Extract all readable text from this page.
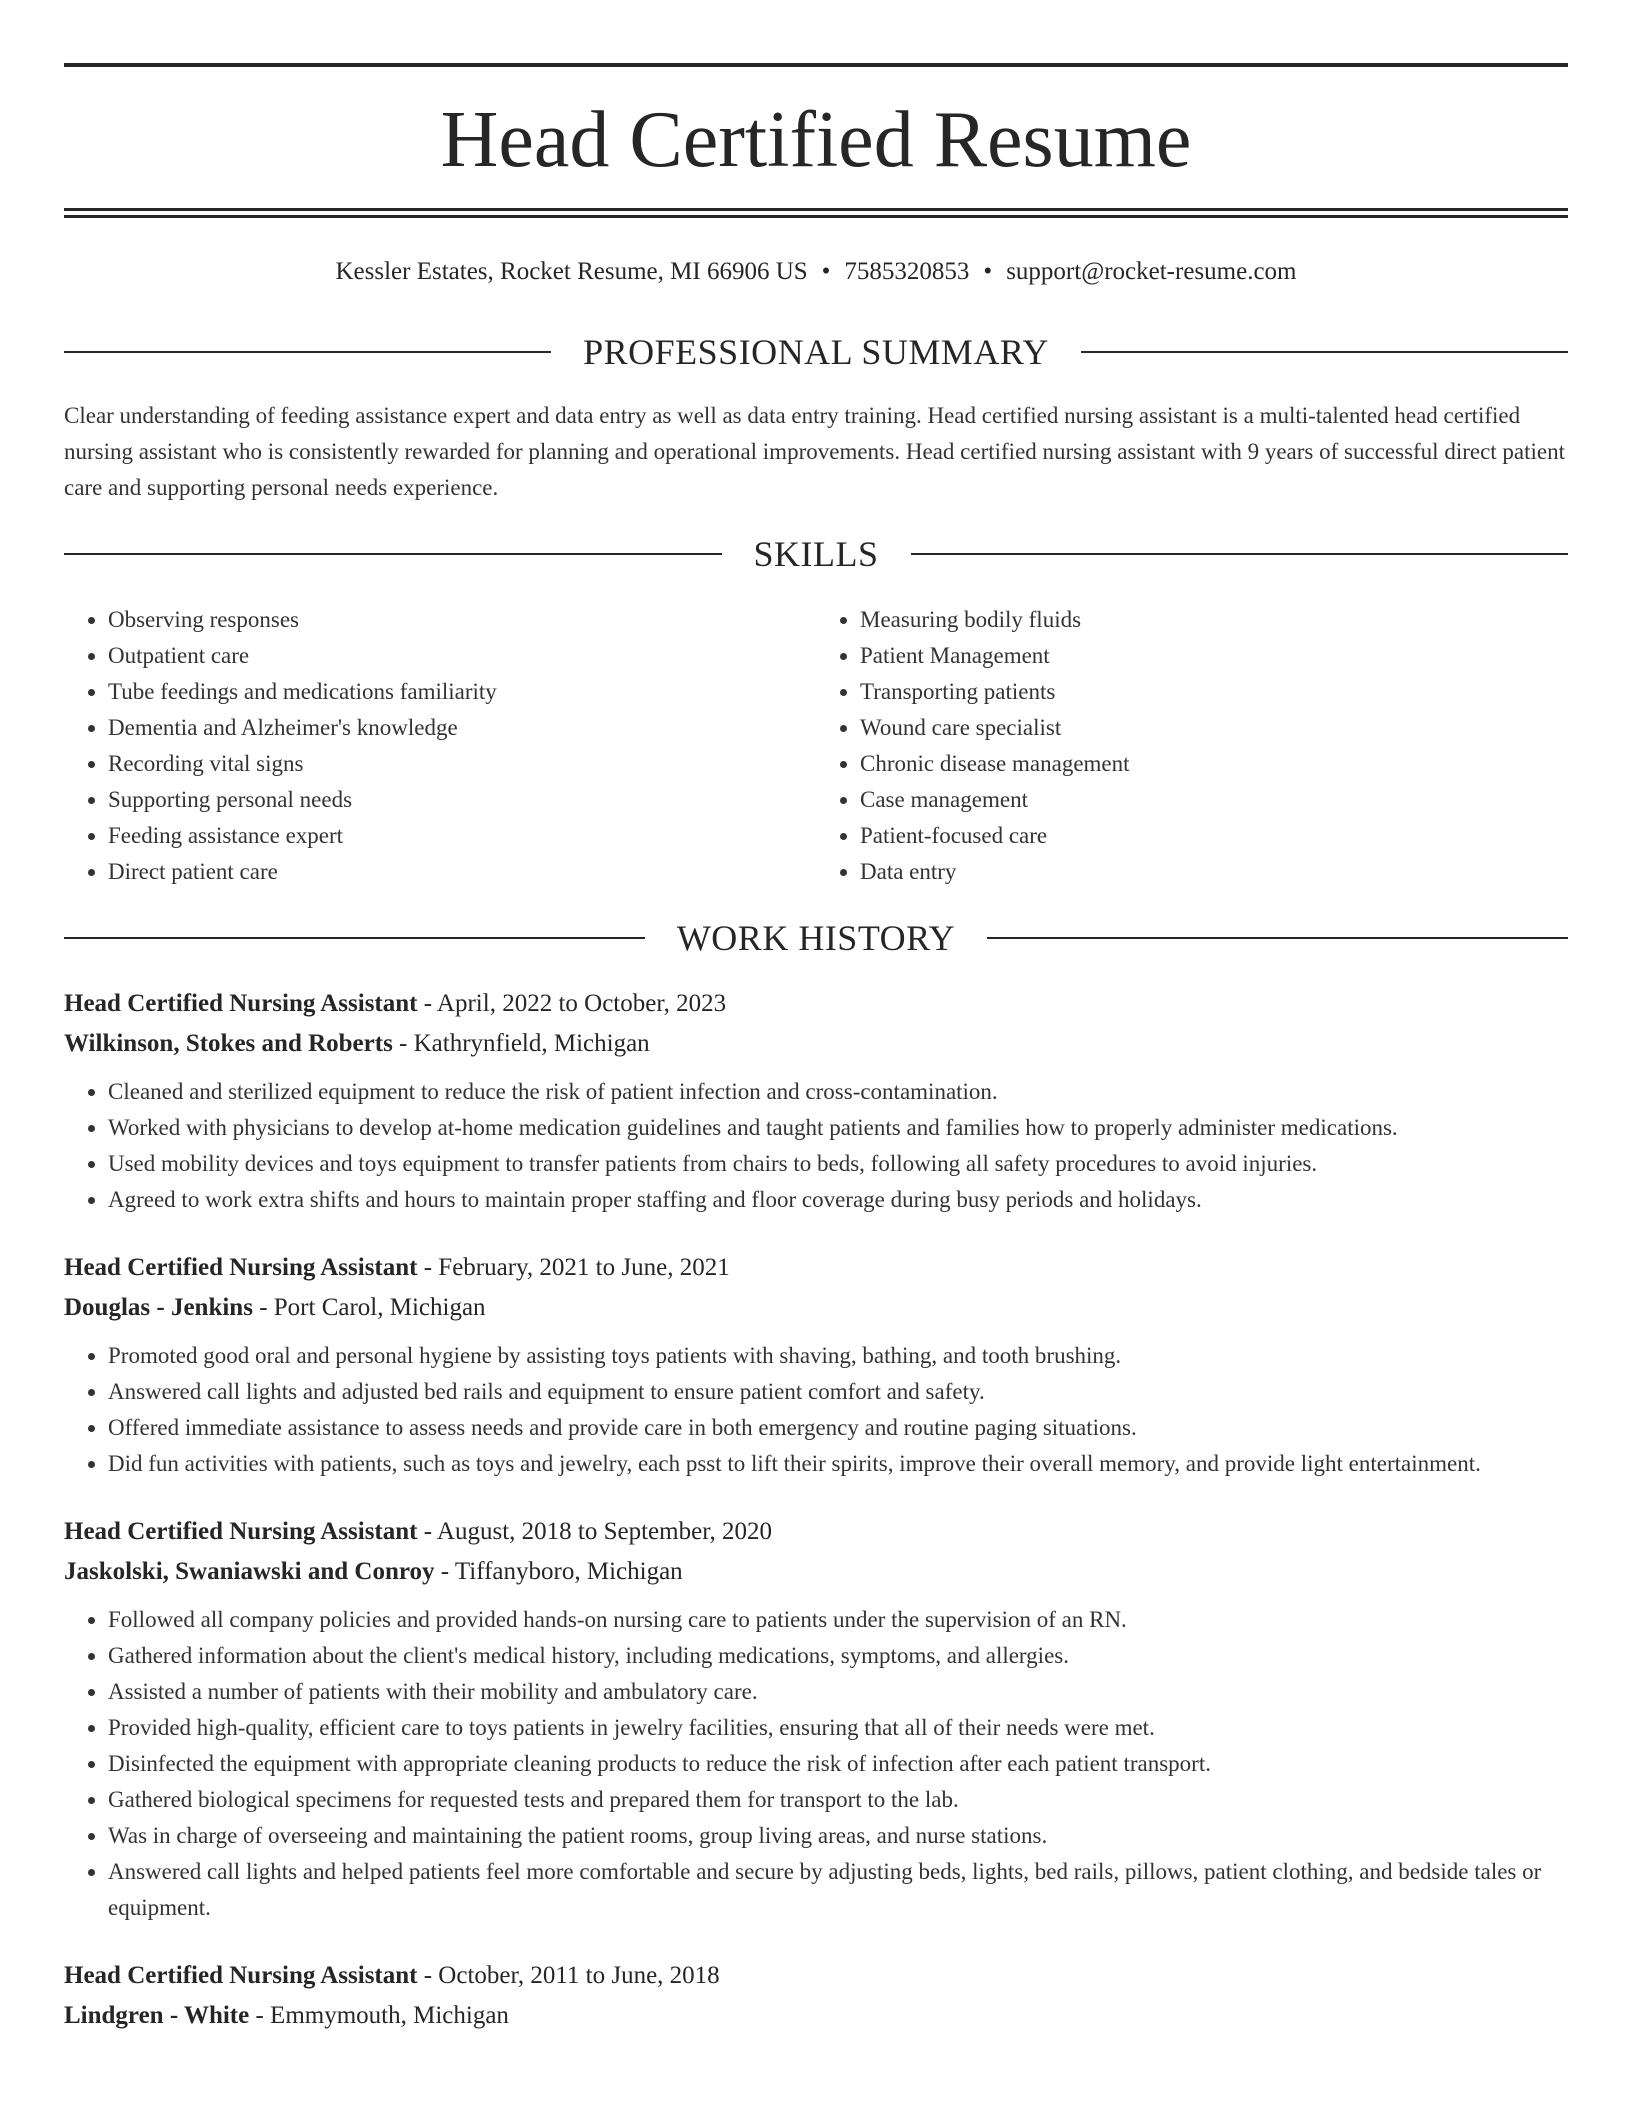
Head Certified Resume
Kessler Estates, Rocket Resume, MI 66906 US • 7585320853 • support@rocket-resume.com
PROFESSIONAL SUMMARY

Clear understanding of feeding assistance expert and data entry as well as data entry training. Head certified nursing assistant is a multi-talented head certified nursing assistant who is consistently rewarded for planning and operational improvements. Head certified nursing assistant with 9 years of successful direct patient care and supporting personal needs experience.

SKILLS
• Observing responses
• Outpatient care
• Tube feedings and medications familiarity
• Dementia and Alzheimer's knowledge
• Recording vital signs
• Supporting personal needs
• Feeding assistance expert
• Direct patient care
• Measuring bodily fluids
• Patient Management
• Transporting patients
• Wound care specialist
• Chronic disease management
• Case management
• Patient-focused care
• Data entry
WORK HISTORY
Head Certified Nursing Assistant - April, 2022 to October, 2023
Wilkinson, Stokes and Roberts - Kathrynfield, Michigan
• Cleaned and sterilized equipment to reduce the risk of patient infection and cross-contamination.
• Worked with physicians to develop at-home medication guidelines and taught patients and families how to properly administer medications.
• Used mobility devices and toys equipment to transfer patients from chairs to beds, following all safety procedures to avoid injuries.
• Agreed to work extra shifts and hours to maintain proper staffing and floor coverage during busy periods and holidays.
Head Certified Nursing Assistant - February, 2021 to June, 2021
Douglas - Jenkins - Port Carol, Michigan
• Promoted good oral and personal hygiene by assisting toys patients with shaving, bathing, and tooth brushing.
• Answered call lights and adjusted bed rails and equipment to ensure patient comfort and safety.
• Offered immediate assistance to assess needs and provide care in both emergency and routine paging situations.
• Did fun activities with patients, such as toys and jewelry, each psst to lift their spirits, improve their overall memory, and provide light entertainment.
Head Certified Nursing Assistant - August, 2018 to September, 2020
Jaskolski, Swaniawski and Conroy - Tiffanyboro, Michigan
• Followed all company policies and provided hands-on nursing care to patients under the supervision of an RN.
• Gathered information about the client's medical history, including medications, symptoms, and allergies.
• Assisted a number of patients with their mobility and ambulatory care.
• Provided high-quality, efficient care to toys patients in jewelry facilities, ensuring that all of their needs were met.
• Disinfected the equipment with appropriate cleaning products to reduce the risk of infection after each patient transport.
• Gathered biological specimens for requested tests and prepared them for transport to the lab.
• Was in charge of overseeing and maintaining the patient rooms, group living areas, and nurse stations.
• Answered call lights and helped patients feel more comfortable and secure by adjusting beds, lights, bed rails, pillows, patient clothing, and bedside tales or equipment.
Head Certified Nursing Assistant - October, 2011 to June, 2018
Lindgren - White - Emmymouth, Michigan
